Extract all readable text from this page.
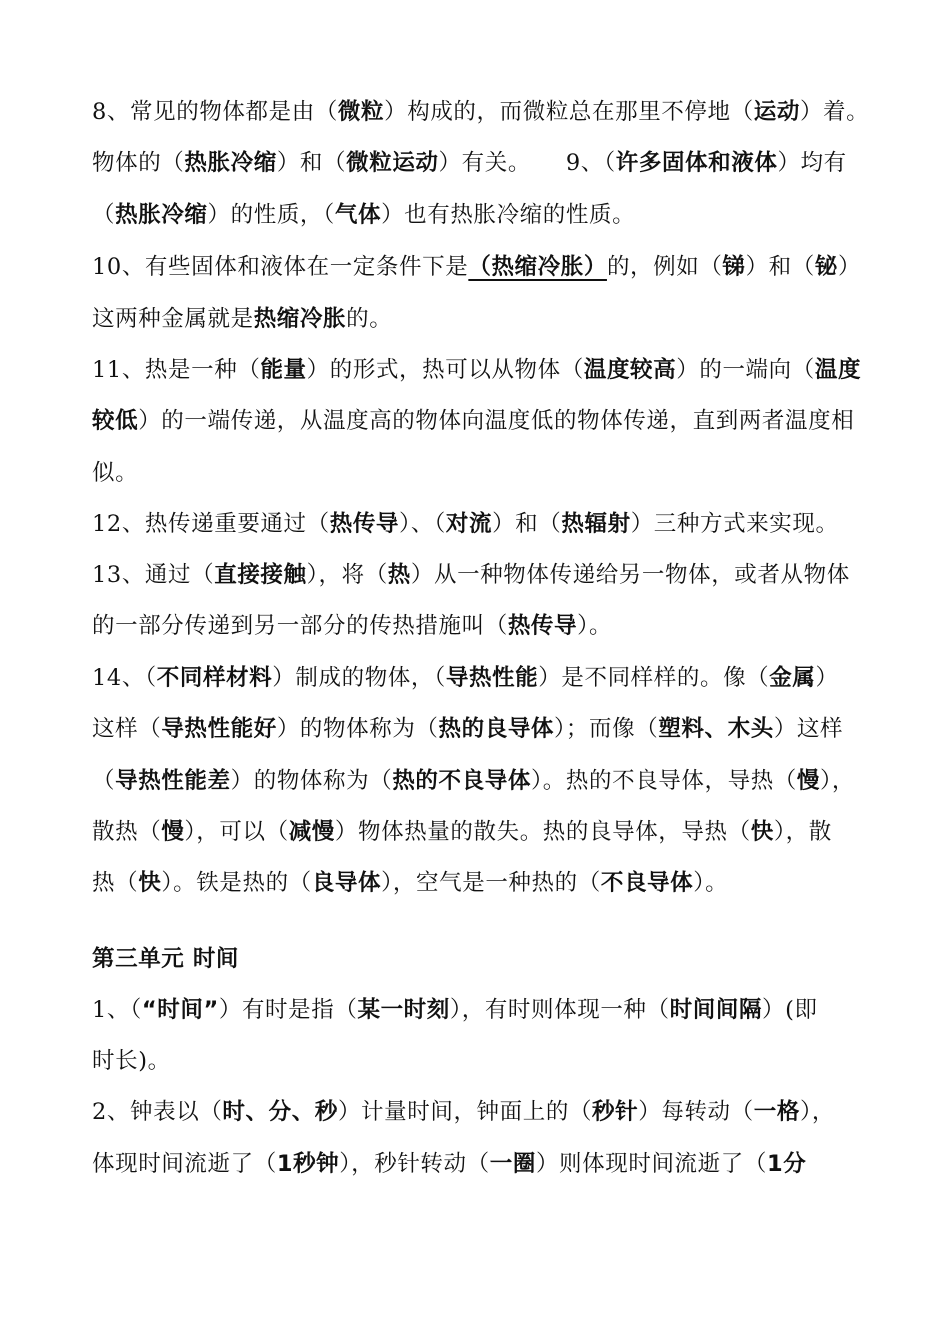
8、常见的物体都是由（微粒）构成的，而微粒总在那里不停地（运动）着。
物体的（热胀冷缩）和（微粒运动）有关。　　9、（许多固体和液体）均有
（热胀冷缩）的性质，（气体）也有热胀冷缩的性质。
10、有些固体和液体在一定条件下是（热缩冷胀）的，例如（锑）和（铋）
这两种金属就是热缩冷胀的。
11、热是一种（能量）的形式，热可以从物体（温度较高）的一端向（温度
较低）的一端传递，从温度高的物体向温度低的物体传递，直到两者温度相
似。
12、热传递重要通过（热传导）、（对流）和（热辐射）三种方式来实现。
13、通过（直接接触），将（热）从一种物体传递给另一物体，或者从物体
的一部分传递到另一部分的传热措施叫（热传导）。
14、（不同样材料）制成的物体，（导热性能）是不同样样的。像（金属）
这样（导热性能好）的物体称为（热的良导体）；而像（塑料、木头）这样
（导热性能差）的物体称为（热的不良导体）。热的不良导体，导热（慢），
散热（慢），可以（减慢）物体热量的散失。热的良导体，导热（快），散
热（快）。铁是热的（良导体），空气是一种热的（不良导体）。
第三单元 时间
1、（“时间”）有时是指（某一时刻），有时则体现一种（时间间隔）(即
时长)。
2、钟表以（时、分、秒）计量时间，钟面上的（秒针）每转动（一格），
体现时间流逝了（1秒钟），秒针转动（一圈）则体现时间流逝了（1分
